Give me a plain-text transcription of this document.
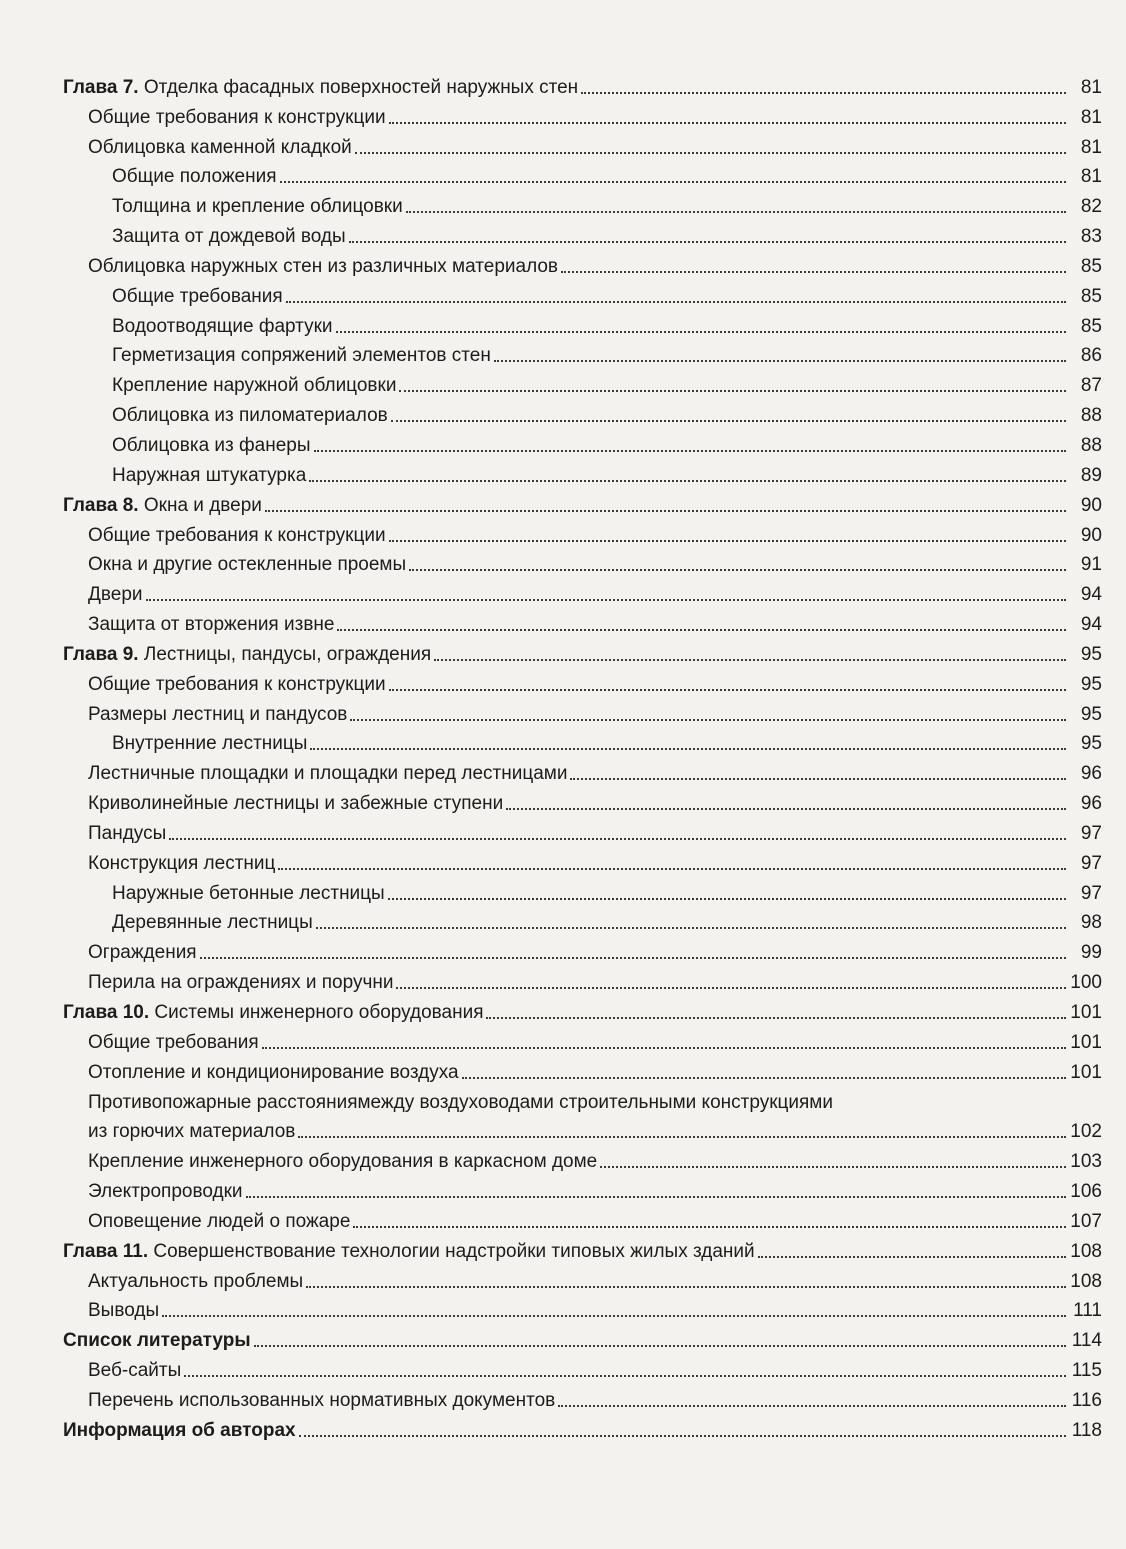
Глава 7. Отделка фасадных поверхностей наружных стен	81
Общие требования к конструкции	81
Облицовка каменной кладкой	81
Общие положения	81
Толщина и крепление облицовки	82
Защита от дождевой воды	83
Облицовка наружных стен из различных материалов	85
Общие требования	85
Водоотводящие фартуки	85
Герметизация сопряжений элементов стен	86
Крепление наружной облицовки	87
Облицовка из пиломатериалов	88
Облицовка из фанеры	88
Наружная штукатурка	89
Глава 8. Окна и двери	90
Общие требования к конструкции	90
Окна и другие остекленные проемы	91
Двери	94
Защита от вторжения извне	94
Глава 9. Лестницы, пандусы, ограждения	95
Общие требования к конструкции	95
Размеры лестниц и пандусов	95
Внутренние лестницы	95
Лестничные площадки и площадки перед лестницами	96
Криволинейные лестницы и забежные ступени	96
Пандусы	97
Конструкция лестниц	97
Наружные бетонные лестницы	97
Деревянные лестницы	98
Ограждения	99
Перила на ограждениях и поручни	100
Глава 10. Системы инженерного оборудования	101
Общие требования	101
Отопление и кондиционирование воздуха	101
Противопожарные расстояниямежду воздуховодами строительными конструкциями
из горючих материалов	102
Крепление инженерного оборудования в каркасном доме	103
Электропроводки	106
Оповещение людей о пожаре	107
Глава 11. Совершенствование технологии надстройки типовых жилых зданий	108
Актуальность проблемы	108
Выводы	111
Список литературы	114
Веб-сайты	115
Перечень использованных нормативных документов	116
Информация об авторах	118
